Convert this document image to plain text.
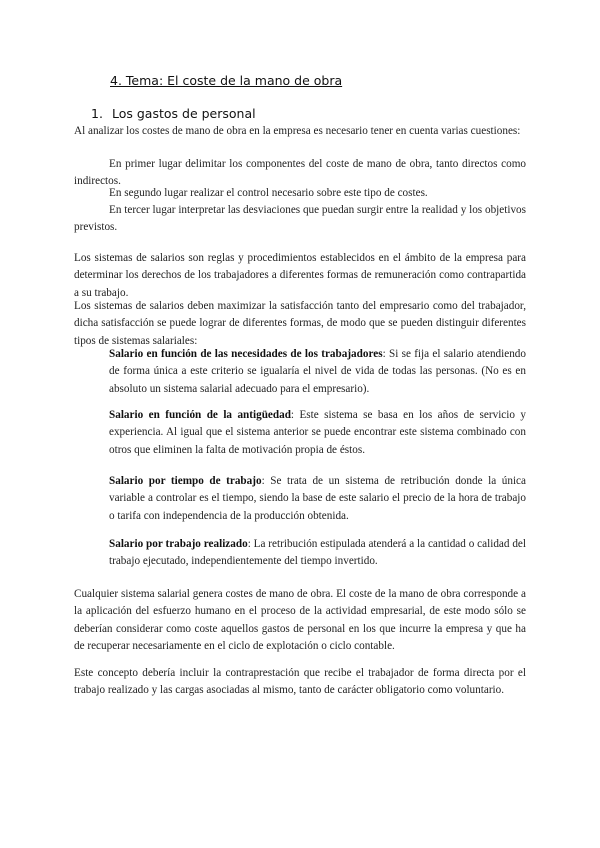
4. Tema: El coste de la mano de obra
1. Los gastos de personal

Al analizar los costes de mano de obra en la empresa es necesario tener en cuenta varias cuestiones:

En primer lugar delimitar los componentes del coste de mano de obra, tanto directos como indirectos.

En segundo lugar realizar el control necesario sobre este tipo de costes.

En tercer lugar interpretar las desviaciones que puedan surgir entre la realidad y los objetivos previstos.

Los sistemas de salarios son reglas y procedimientos establecidos en el ámbito de la empresa para determinar los derechos de los trabajadores a diferentes formas de remuneración como contrapartida a su trabajo.

Los sistemas de salarios deben maximizar la satisfacción tanto del empresario como del trabajador, dicha satisfacción se puede lograr de diferentes formas, de modo que se pueden distinguir diferentes tipos de sistemas salariales:

Salario en función de las necesidades de los trabajadores: Si se fija el salario atendiendo de forma única a este criterio se igualaría el nivel de vida de todas las personas. (No es en absoluto un sistema salarial adecuado para el empresario).

Salario en función de la antigüedad: Este sistema se basa en los años de servicio y experiencia. Al igual que el sistema anterior se puede encontrar este sistema combinado con otros que eliminen la falta de motivación propia de éstos.

Salario por tiempo de trabajo: Se trata de un sistema de retribución donde la única variable a controlar es el tiempo, siendo la base de este salario el precio de la hora de trabajo o tarifa con independencia de la producción obtenida.

Salario por trabajo realizado: La retribución estipulada atenderá a la cantidad o calidad del trabajo ejecutado, independientemente del tiempo invertido.

Cualquier sistema salarial genera costes de mano de obra. El coste de la mano de obra corresponde a la aplicación del esfuerzo humano en el proceso de la actividad empresarial, de este modo sólo se deberían considerar como coste aquellos gastos de personal en los que incurre la empresa y que ha de recuperar necesariamente en el ciclo de explotación o ciclo contable.

Este concepto debería incluir la contraprestación que recibe el trabajador de forma directa por el trabajo realizado y las cargas asociadas al mismo, tanto de carácter obligatorio como voluntario.
